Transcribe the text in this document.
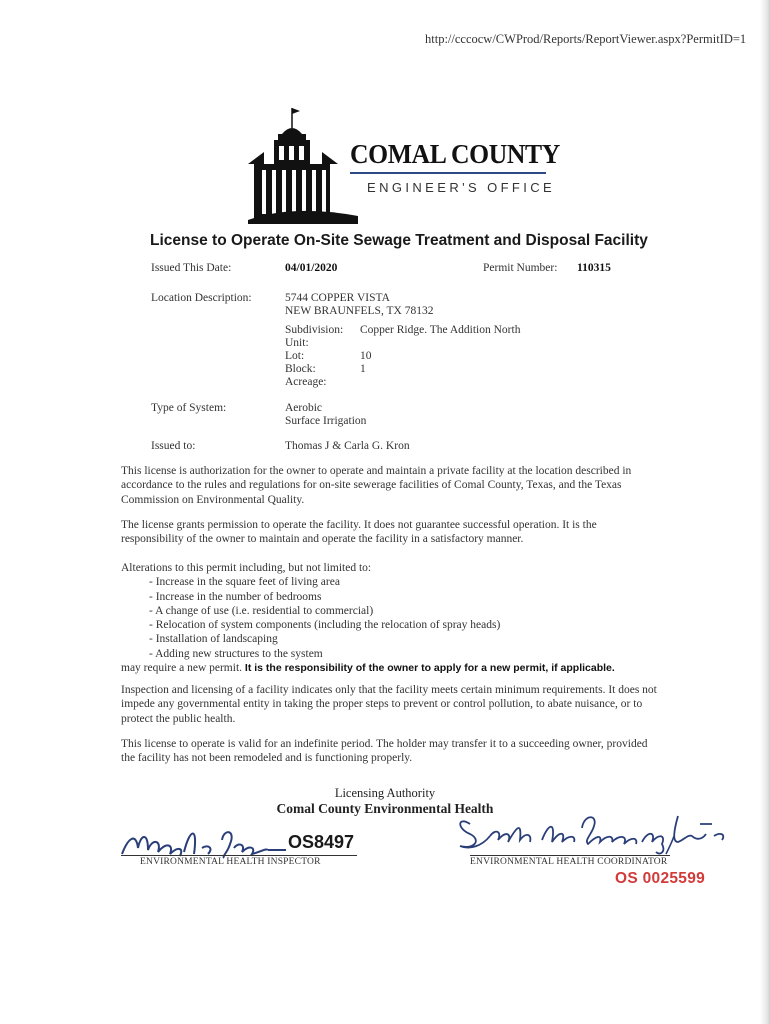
http://cccocw/CWProd/Reports/ReportViewer.aspx?PermitID=1
COMAL COUNTY
ENGINEER'S OFFICE
License to Operate On-Site Sewage Treatment and Disposal Facility
Issued This Date:	04/01/2020	Permit Number: 110315
Location Description:	5744 COPPER VISTA
NEW BRAUNFELS, TX 78132
Subdivision: Copper Ridge. The Addition North
Unit:
Lot:	10
Block:	1
Acreage:
Type of System:	Aerobic
Surface Irrigation
Issued to:	Thomas J & Carla G. Kron

This license is authorization for the owner to operate and maintain a private facility at the location described in accordance to the rules and regulations for on-site sewerage facilities of Comal County, Texas, and the Texas Commission on Environmental Quality.

The license grants permission to operate the facility. It does not guarantee successful operation. It is the responsibility of the owner to maintain and operate the facility in a satisfactory manner.

Alterations to this permit including, but not limited to:

- Increase in the square feet of living area
- Increase in the number of bedrooms
- A change of use (i.e. residential to commercial)
- Relocation of system components (including the relocation of spray heads)
- Installation of landscaping
- Adding new structures to the system

may require a new permit. It is the responsibility of the owner to apply for a new permit, if applicable.

Inspection and licensing of a facility indicates only that the facility meets certain minimum requirements. It does not impede any governmental entity in taking the proper steps to prevent or control pollution, to abate nuisance, or to protect the public health.

This license to operate is valid for an indefinite period. The holder may transfer it to a succeeding owner, provided the facility has not been remodeled and is functioning properly.

Licensing Authority
Comal County Environmental Health
OS8497
ENVIRONMENTAL HEALTH INSPECTOR	ENVIRONMENTAL HEALTH COORDINATOR
OS 0025599
